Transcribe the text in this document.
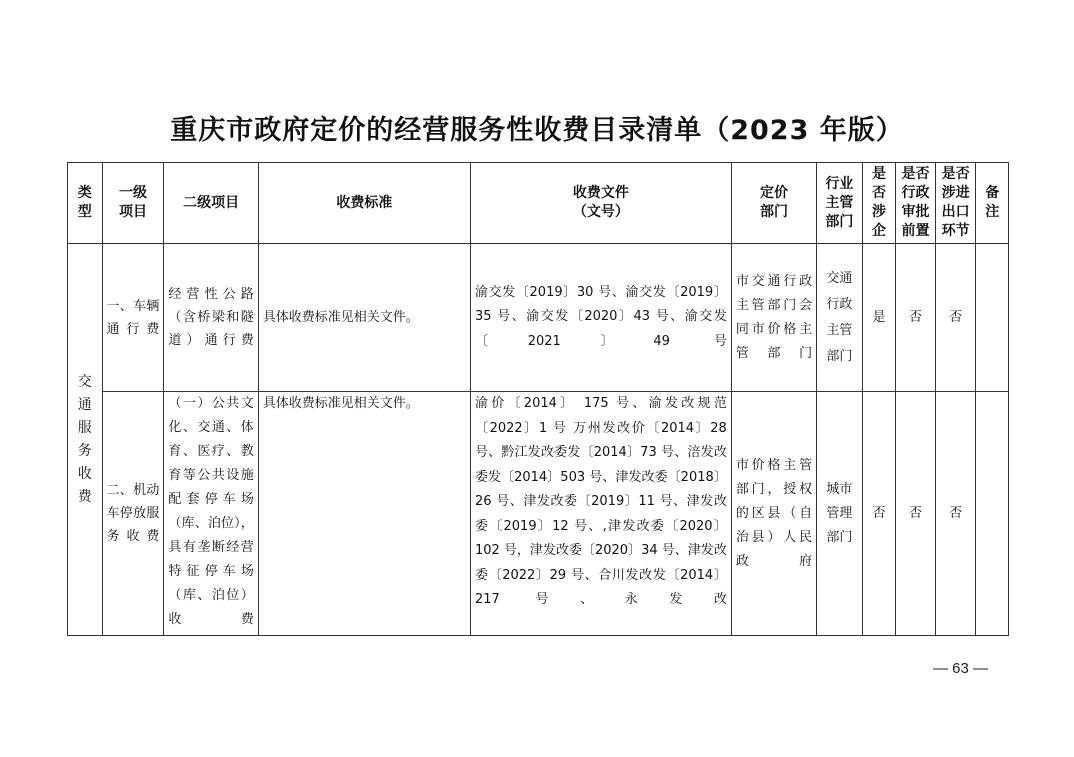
重庆市政府定价的经营服务性收费目录清单（2023 年版）
类型	一级项目	二级项目	收费标准	收费文件（文号）	定价部门	行业主管部门	是否涉企	是否行政审批前置	是否涉进出口环节	备注

交通服务收费	一、车辆通行费	经营性公路（含桥梁和隧道）通行费	具体收费标准见相关文件。	渝交发〔2019〕30 号、渝交发〔2019〕35 号、渝交发〔2020〕43 号、渝交发〔2021〕49 号	市交通行政主管部门会同市价格主管部门	交通行政主管部门	是	否	否	
	二、机动车停放服务收费	（一）公共文化、交通、体育、医疗、教育等公共设施配套停车场（库、泊位），具有垄断经营特征停车场（库、泊位）收费	具体收费标准见相关文件。	渝价〔2014〕 175 号、渝发改规范〔2022〕1 号 万州发改价〔2014〕28 号、黔江发改委发〔2014〕73 号、涪发改委发〔2014〕503 号、津发改委〔2018〕26 号、津发改委〔2019〕11 号、津发改委〔2019〕12 号、,津发改委〔2020〕102 号，津发改委〔2020〕34 号、津发改委〔2022〕29 号、合川发改发〔2014〕217 号、永发改	市价格主管部门，授权的区县（自治县）人民政府	城市管理部门	否	否	否	
— 63 —
